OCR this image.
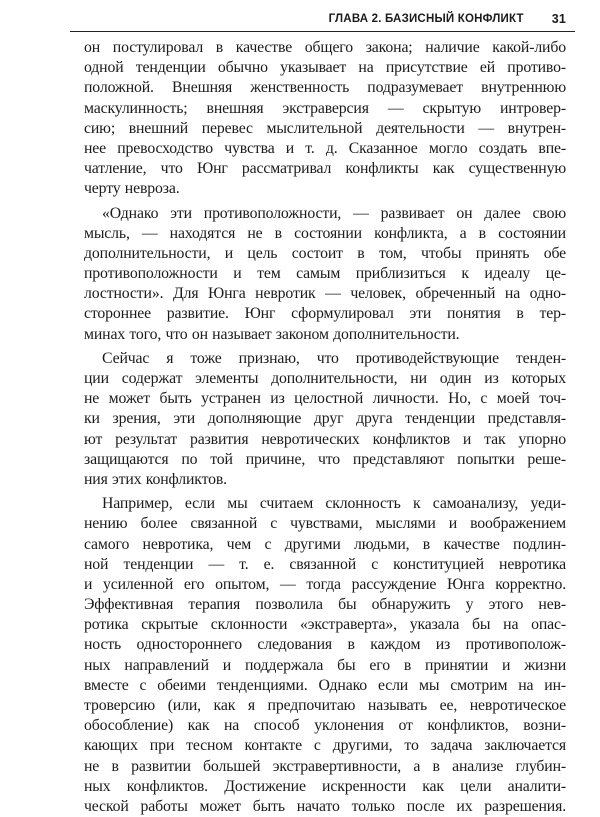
ГЛАВА 2. БАЗИСНЫЙ КОНФЛИКТ 31
он постулировал в качестве общего закона; наличие какой-либо
одной тенденции обычно указывает на присутствие ей противо-
положной. Внешняя женственность подразумевает внутреннюю
маскулинность; внешняя экстраверсия — скрытую интровер-
сию; внешний перевес мыслительной деятельности — внутрен-
нее превосходство чувства и т. д. Сказанное могло создать впе-
чатление, что Юнг рассматривал конфликты как существенную
черту невроза.
«Однако эти противоположности, — развивает он далее свою
мысль, — находятся не в состоянии конфликта, а в состоянии
дополнительности, и цель состоит в том, чтобы принять обе
противоположности и тем самым приблизиться к идеалу це-
лостности». Для Юнга невротик — человек, обреченный на одно-
стороннее развитие. Юнг сформулировал эти понятия в тер-
минах того, что он называет законом дополнительности.
Сейчас я тоже признаю, что противодействующие тенден-
ции содержат элементы дополнительности, ни один из которых
не может быть устранен из целостной личности. Но, с моей точ-
ки зрения, эти дополняющие друг друга тенденции представля-
ют результат развития невротических конфликтов и так упорно
защищаются по той причине, что представляют попытки реше-
ния этих конфликтов.
Например, если мы считаем склонность к самоанализу, уеди-
нению более связанной с чувствами, мыслями и воображением
самого невротика, чем с другими людьми, в качестве подлин-
ной тенденции — т. е. связанной с конституцией невротика
и усиленной его опытом, — тогда рассуждение Юнга корректно.
Эффективная терапия позволила бы обнаружить у этого нев-
ротика скрытые склонности «экстраверта», указала бы на опас-
ность одностороннего следования в каждом из противополож-
ных направлений и поддержала бы его в принятии и жизни
вместе с обеими тенденциями. Однако если мы смотрим на ин-
троверсию (или, как я предпочитаю называть ее, невротическое
обособление) как на способ уклонения от конфликтов, возни-
кающих при тесном контакте с другими, то задача заключается
не в развитии большей экстравертивности, а в анализе глубин-
ных конфликтов. Достижение искренности как цели аналити-
ческой работы может быть начато только после их разрешения.
